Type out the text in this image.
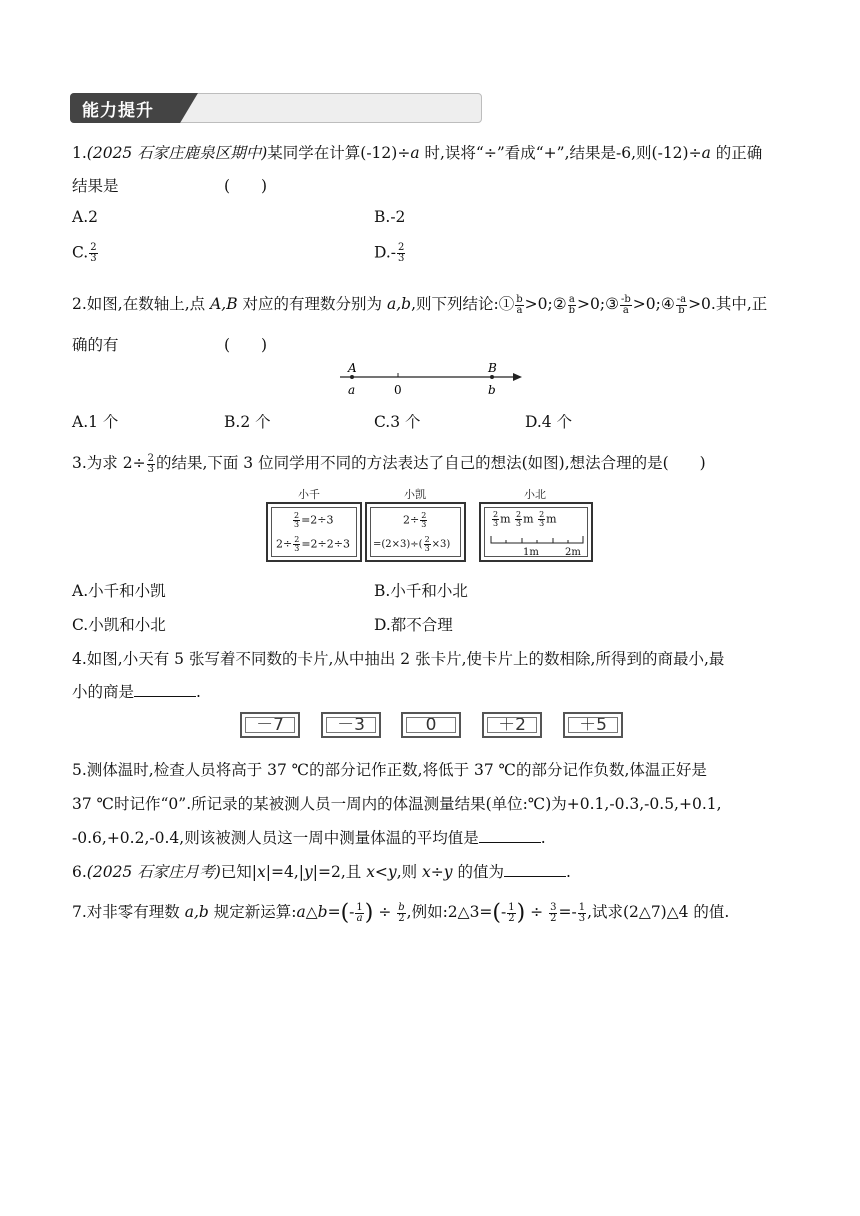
能力提升
1.(2025 石家庄鹿泉区期中)某同学在计算(-12)÷a 时,误将“÷”看成“+”,结果是-6,则(-12)÷a 的正确
结果是	(　　)
A.2	B.-2
C. $\frac{2}{3}$	$D.- \frac{2}{3}$
2.如图,在数轴上,点 A,B 对应的有理数分别为 a,b,则下列结论:① $\frac{b}{a}$ >0;② $\frac{a}{b}$ >0;③ $\frac{-b}{a}$ >0;④ $\frac{-a}{b} >0$.其中,正
确的有	(　　)
A	B
a	0	b
A.1 个	B.2 个	C.3 个	D.4 个
3.为求 $2\div \frac{2}{3}$ 的结果,下面 3 位同学用不同的方法表达了自己的想法(如图),想法合理的是(　　)
小千	小凯	小北
$\frac{2}{3} =2\div 3$
$2\div \frac{2}{3} =2\div 2\div 3$
$2\div \frac{2}{3}$
$=(2\times 3)\div( \frac{2}{3} \times 3)$
$\frac{2}{3}$ m $\frac{2}{3}$ m $\frac{2}{3}$ m
1m	2m
A.小千和小凯	B.小千和小北
C.小凯和小北	D.都不合理
4.如图,小天有 5 张写着不同数的卡片,从中抽出 2 张卡片,使卡片上的数相除,所得到的商最小,最
小的商是	.
－7	－3	0	＋2	＋5
5.测体温时,检查人员将高于 37 ℃的部分记作正数,将低于 37 ℃的部分记作负数,体温正好是
37 ℃时记作“0”.所记录的某被测人员一周内的体温测量结果(单位:℃)为+0.1,-0.3,-0.5,+0.1,
-0.6,+0.2,-0.4,则该被测人员这一周中测量体温的平均值是	.
6.(2025 石家庄月考)已知|x|=4,|y|=2,且 x<y,则 x÷y 的值为	.
7.对非零有理数 a,b 规定新运算:a△b=(- $\frac{1}{a}$ ) ÷ $\frac{b}{2}$ ,例如:2△3=(- $\frac{1}{2}$ ) ÷ $\frac{3}{2} =- \frac{1}{3}$ ,试求(2△7)△4 的值.
